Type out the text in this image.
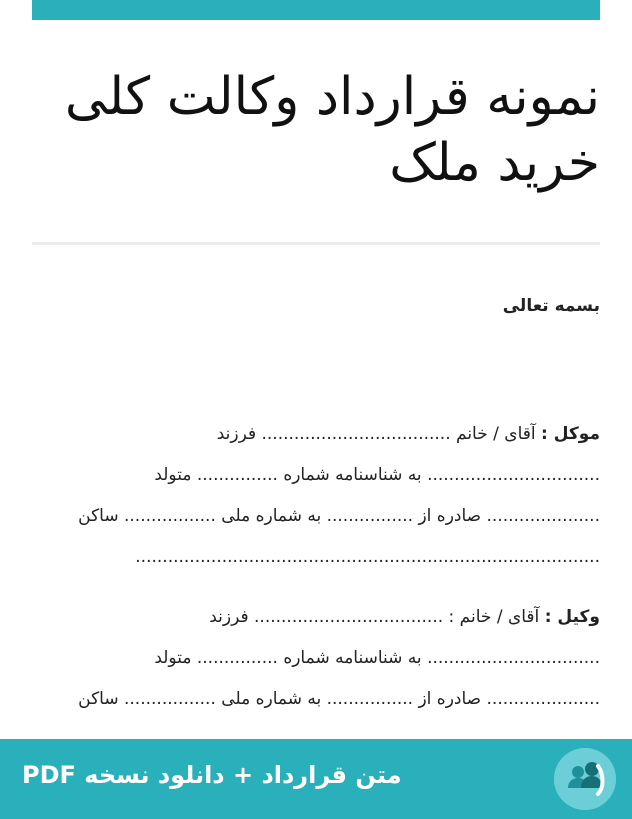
نمونه قرارداد وکالت کلی خرید ملک
بسمه تعالی

موکل : آقای / خانم ................................... فرزند

................................ به شناسنامه شماره ............... متولد

..................... صادره از ................ به شماره ملی ................. ساکن

......................................................................................

وکیل : آقای / خانم : ................................... فرزند

................................ به شناسنامه شماره ............... متولد

..................... صادره از ................ به شماره ملی ................. ساکن

متن قرارداد + دانلود نسخه PDF
